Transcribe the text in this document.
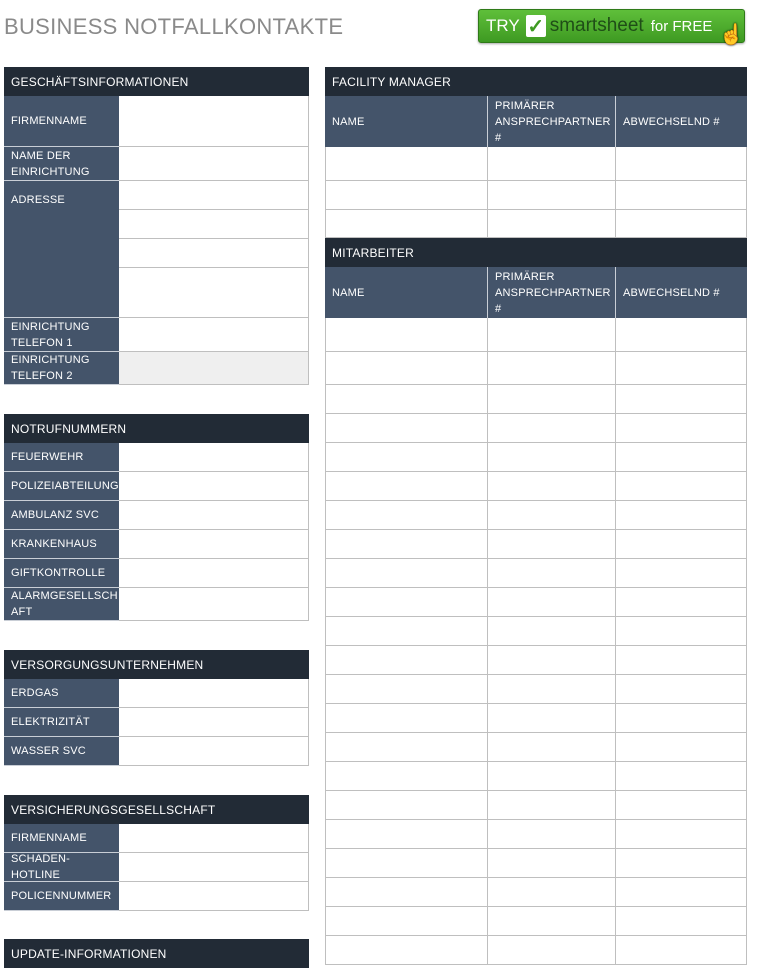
BUSINESS NOTFALLKONTAKTE	TRY ✓ smartsheet for FREE ☝
GESCHÄFTSINFORMATIONEN
FIRMENNAME
NAME DER EINRICHTUNG
ADRESSE
EINRICHTUNG TELEFON 1
EINRICHTUNG TELEFON 2
NOTRUFNUMMERN
FEUERWEHR
POLIZEIABTEILUNG
AMBULANZ SVC
KRANKENHAUS
GIFTKONTROLLE
ALARMGESELLSCH AFT
VERSORGUNGSUNTERNEHMEN
ERDGAS
ELEKTRIZITÄT
WASSER SVC
VERSICHERUNGSGESELLSCHAFT
FIRMENNAME
SCHADEN-HOTLINE
POLICENNUMMER
UPDATE-INFORMATIONEN
FACILITY MANAGER
NAME
PRIMÄRER ANSPRECHPARTNER #
ABWECHSELND #
MITARBEITER
NAME
PRIMÄRER ANSPRECHPARTNER #
ABWECHSELND #
